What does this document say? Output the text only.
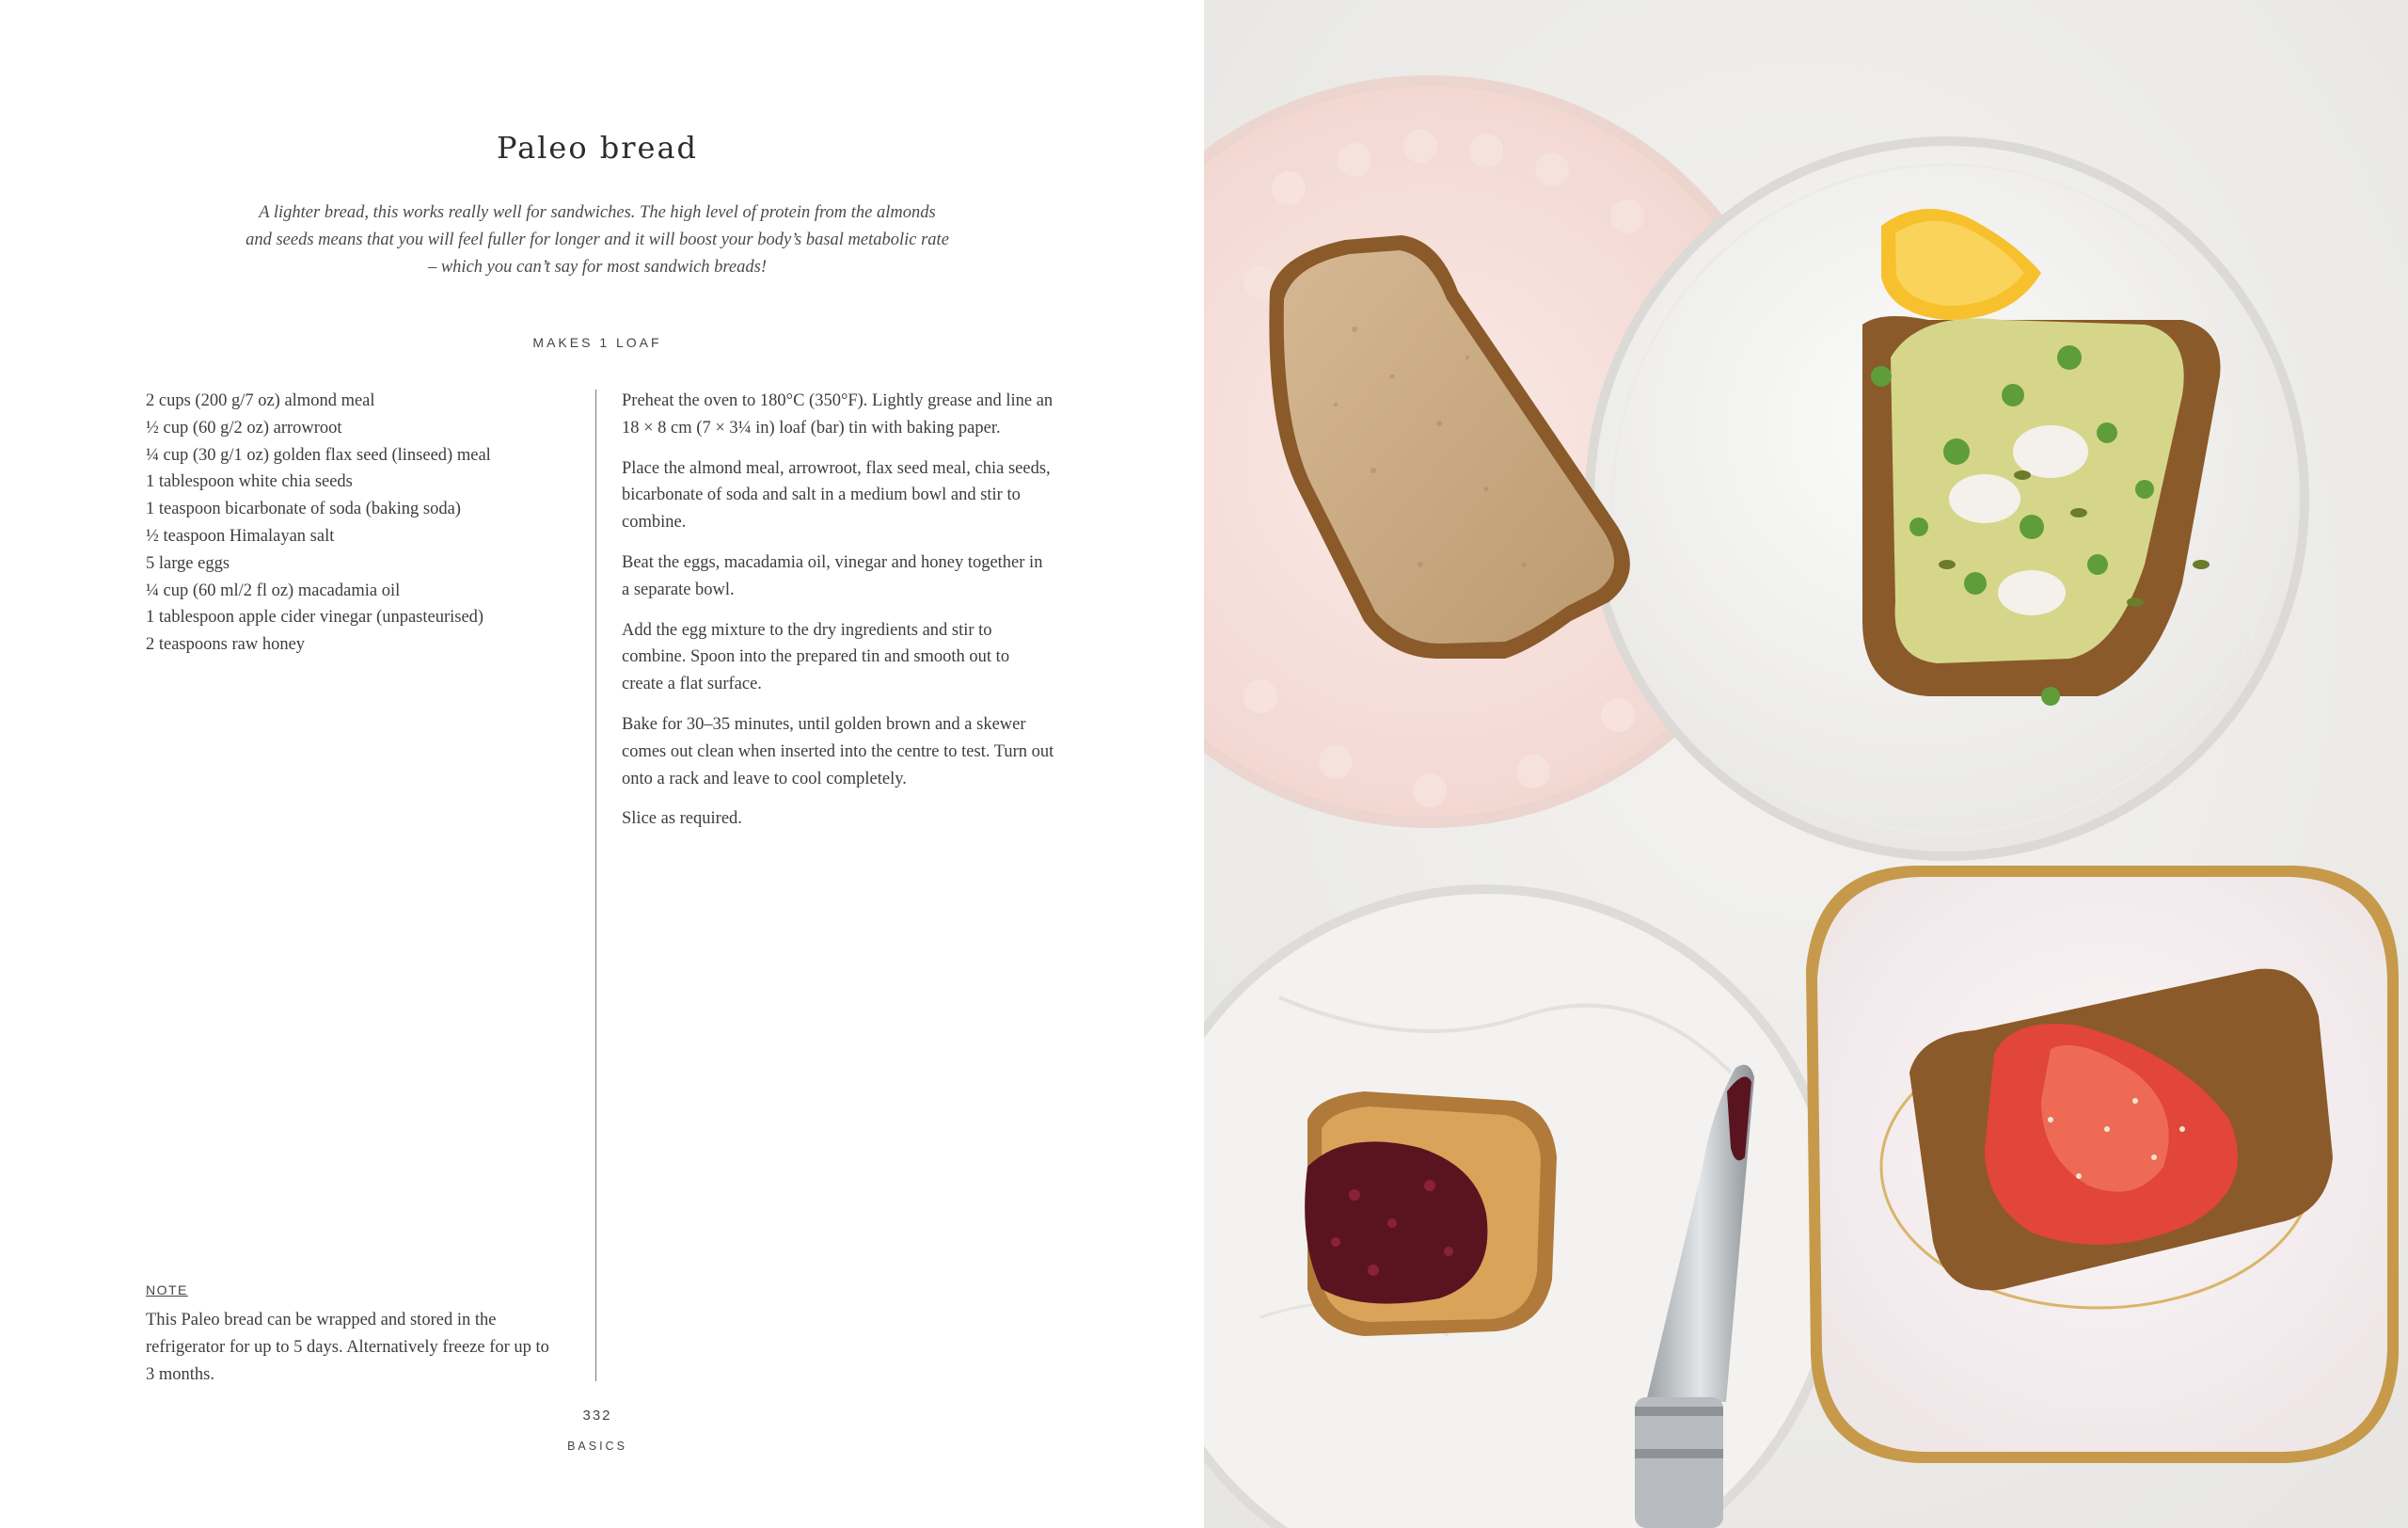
Paleo bread
A lighter bread, this works really well for sandwiches. The high level of protein from the almonds and seeds means that you will feel fuller for longer and it will boost your body’s basal metabolic rate – which you can’t say for most sandwich breads!
MAKES 1 LOAF
2 cups (200 g/7 oz) almond meal
½ cup (60 g/2 oz) arrowroot
¼ cup (30 g/1 oz) golden flax seed (linseed) meal
1 tablespoon white chia seeds
1 teaspoon bicarbonate of soda (baking soda)
½ teaspoon Himalayan salt
5 large eggs
¼ cup (60 ml/2 fl oz) macadamia oil
1 tablespoon apple cider vinegar (unpasteurised)
2 teaspoons raw honey

Preheat the oven to 180°C (350°F). Lightly grease and line an 18 × 8 cm (7 × 3¼ in) loaf (bar) tin with baking paper.

Place the almond meal, arrowroot, flax seed meal, chia seeds, bicarbonate of soda and salt in a medium bowl and stir to combine.

Beat the eggs, macadamia oil, vinegar and honey together in a separate bowl.

Add the egg mixture to the dry ingredients and stir to combine. Spoon into the prepared tin and smooth out to create a flat surface.

Bake for 30–35 minutes, until golden brown and a skewer comes out clean when inserted into the centre to test. Turn out onto a rack and leave to cool completely.

Slice as required.

NOTE

This Paleo bread can be wrapped and stored in the refrigerator for up to 5 days. Alternatively freeze for up to 3 months.

332
BASICS
